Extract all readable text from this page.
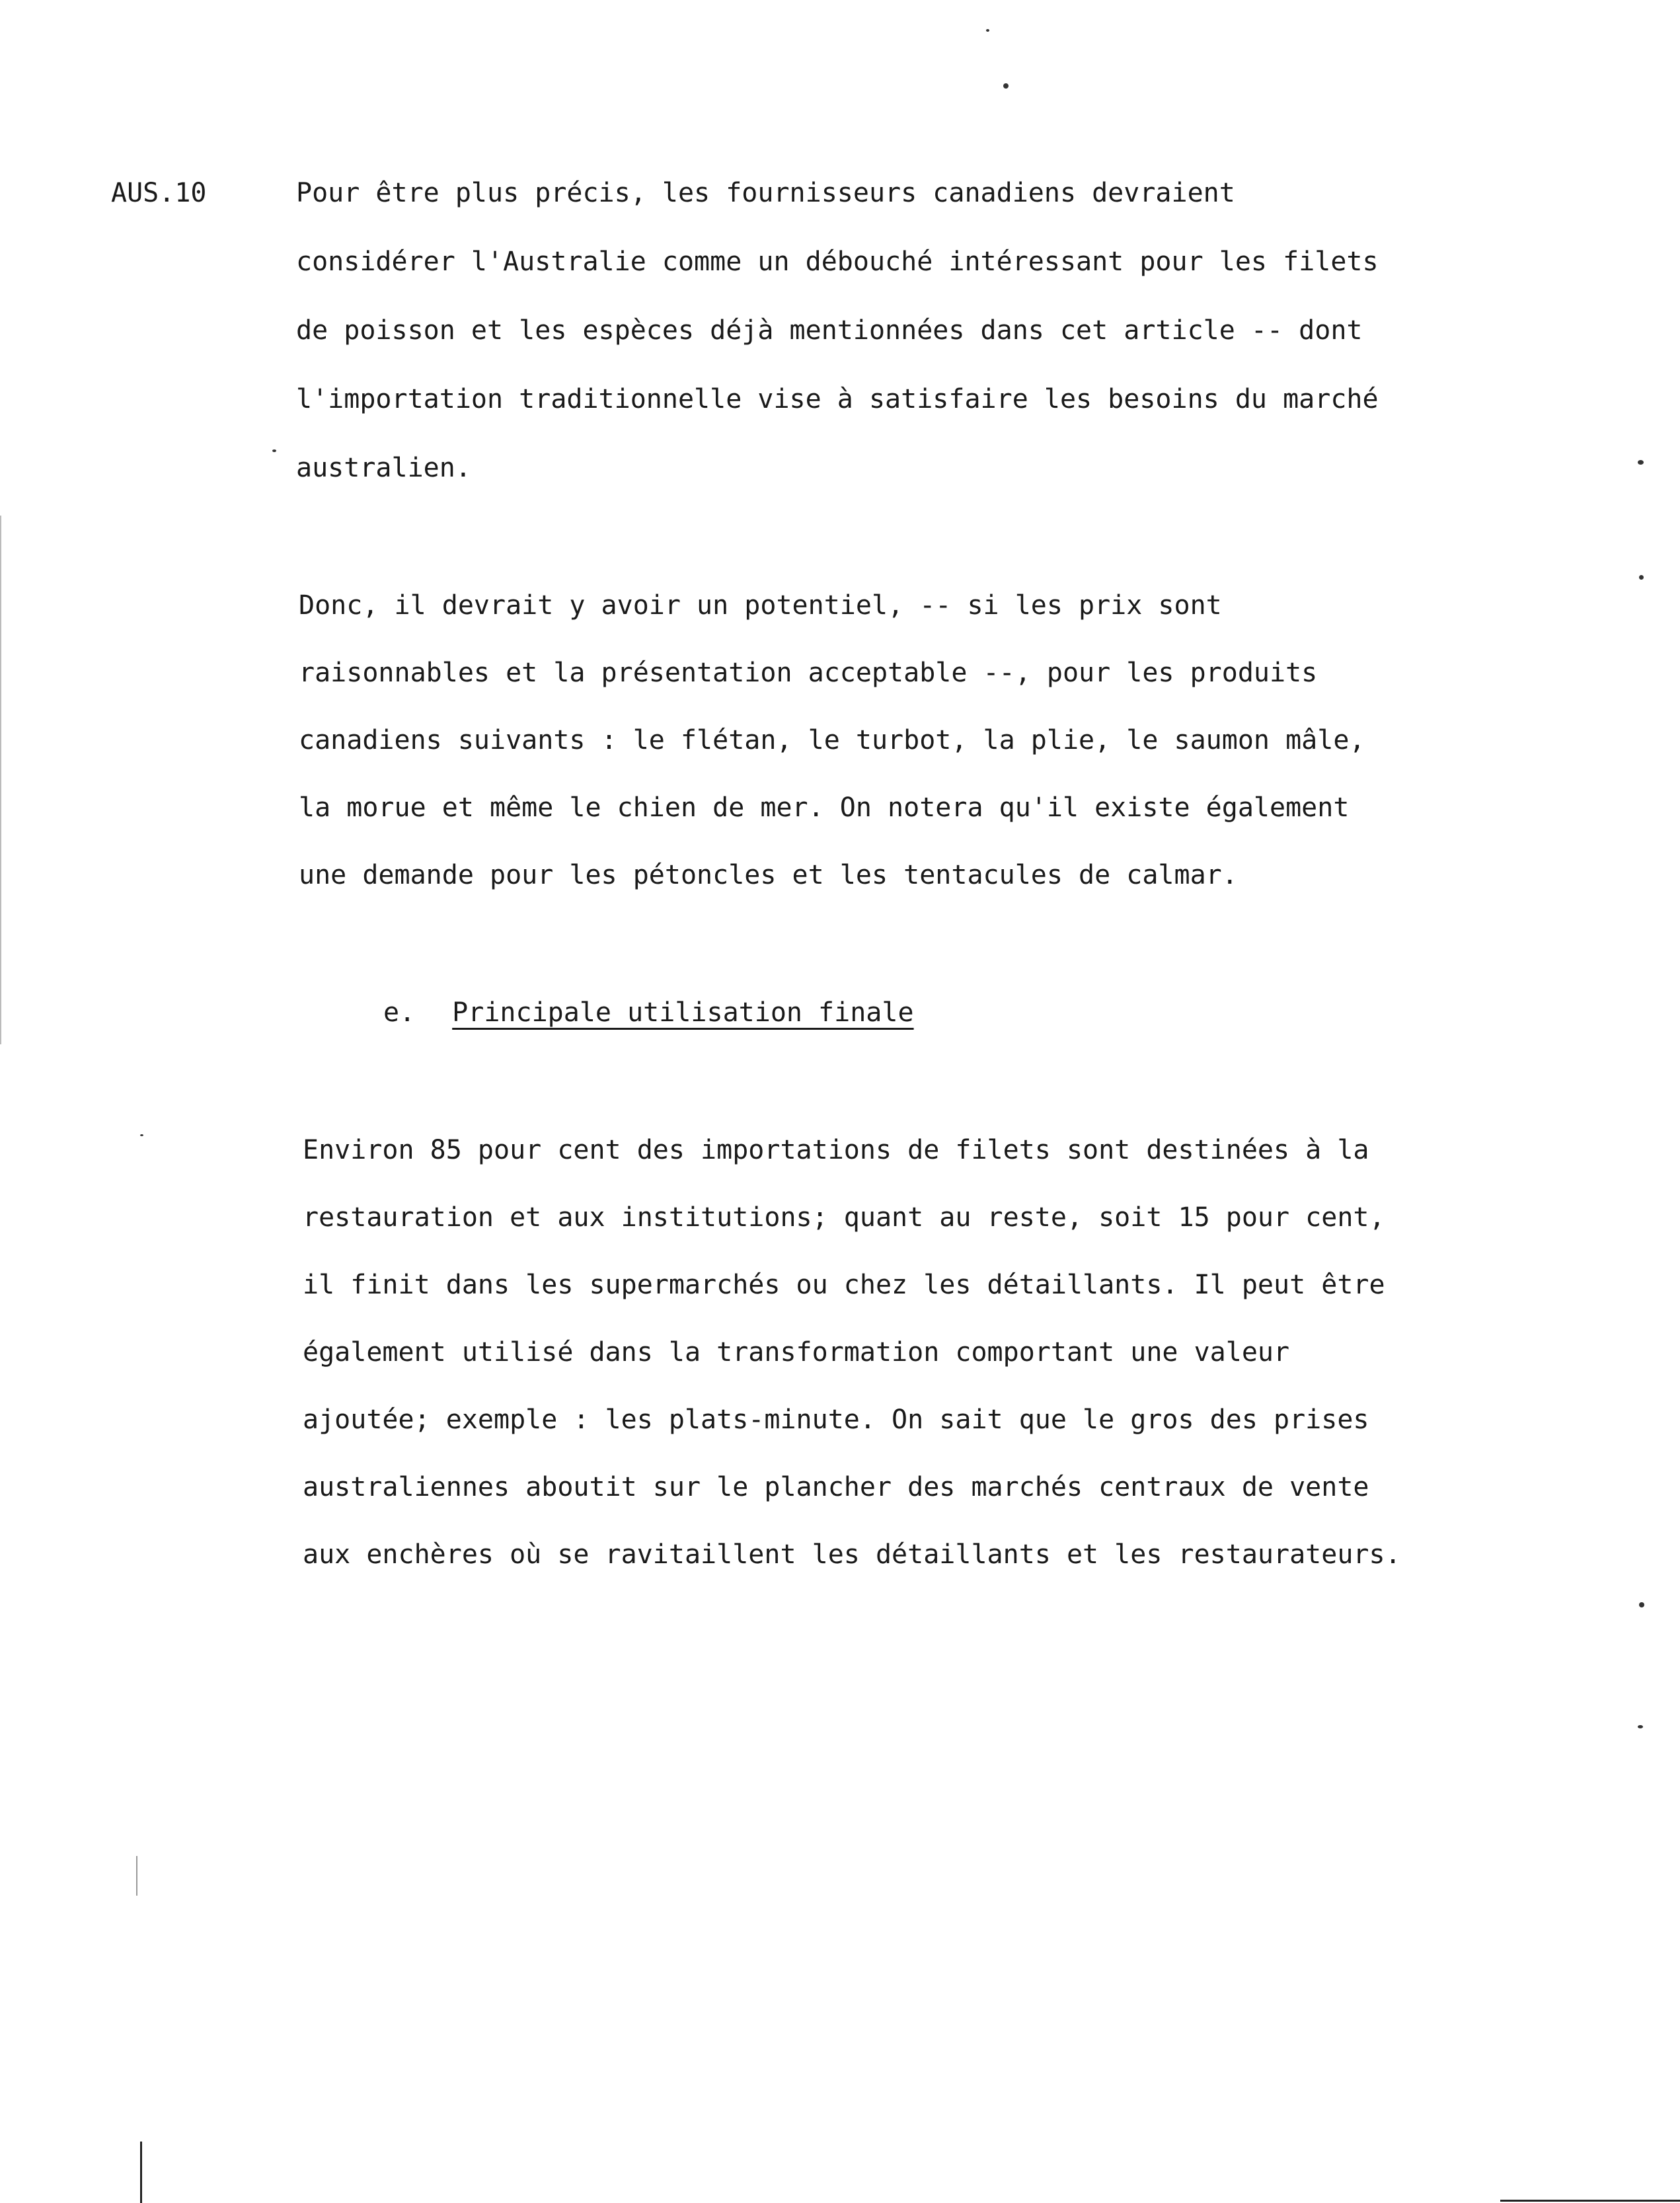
AUS.10	Pour être plus précis, les fournisseurs canadiens devraient
considérer l'Australie comme un débouché intéressant pour les filets
de poisson et les espèces déjà mentionnées dans cet article -- dont
l'importation traditionnelle vise à satisfaire les besoins du marché
australien.
Donc, il devrait y avoir un potentiel, -- si les prix sont
raisonnables et la présentation acceptable --, pour les produits
canadiens suivants : le flétan, le turbot, la plie, le saumon mâle,
la morue et même le chien de mer. On notera qu'il existe également
une demande pour les pétoncles et les tentacules de calmar.
e. Principale utilisation finale
Environ 85 pour cent des importations de filets sont destinées à la
restauration et aux institutions; quant au reste, soit 15 pour cent,
il finit dans les supermarchés ou chez les détaillants. Il peut être
également utilisé dans la transformation comportant une valeur
ajoutée; exemple : les plats-minute. On sait que le gros des prises
australiennes aboutit sur le plancher des marchés centraux de vente
aux enchères où se ravitaillent les détaillants et les restaurateurs.
